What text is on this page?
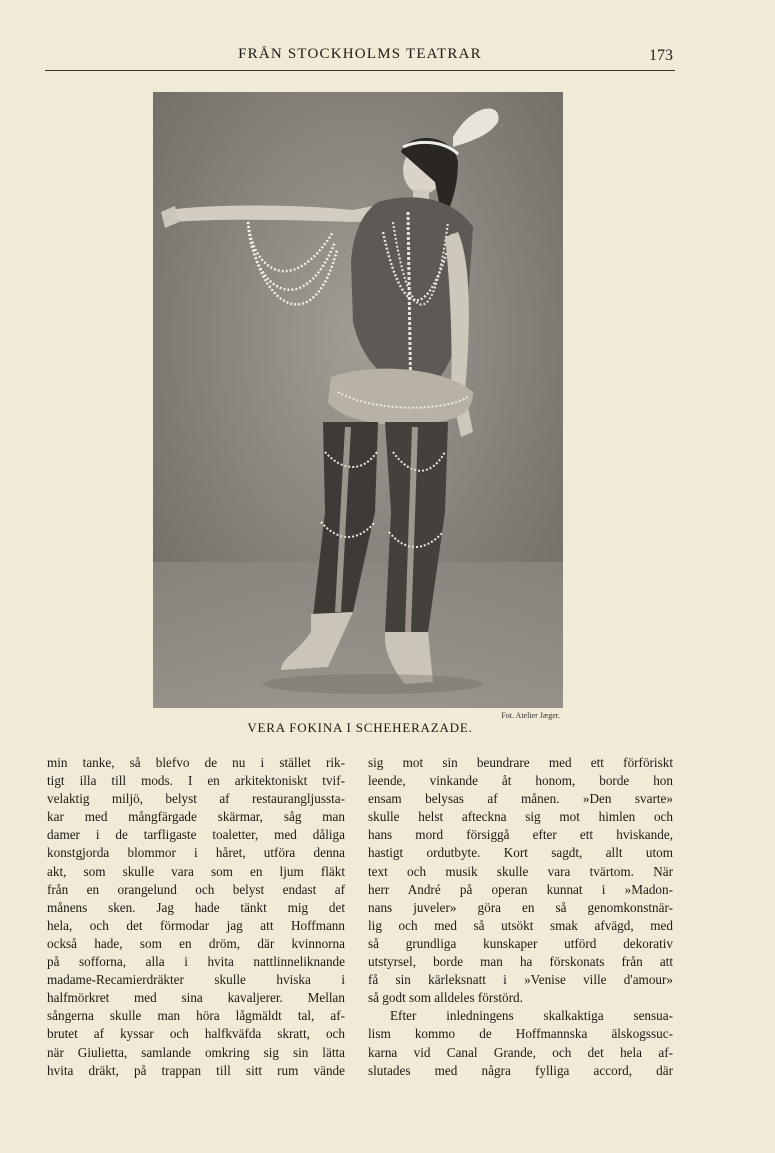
FRÅN STOCKHOLMS TEATRAR	173
Fot. Atelier Jæger.
VERA FOKINA I SCHEHERAZADE.
min tanke, så blefvo de nu i stället rik-
tigt illa till mods. I en arkitektoniskt tvif-
velaktig miljö, belyst af restaurangljussta-
kar med mångfärgade skärmar, såg man
damer i de tarfligaste toaletter, med dåliga
konstgjorda blommor i håret, utföra denna
akt, som skulle vara som en ljum fläkt
från en orangelund och belyst endast af
månens sken. Jag hade tänkt mig det
hela, och det förmodar jag att Hoffmann
också hade, som en dröm, där kvinnorna
på sofforna, alla i hvita nattlinneliknande
madame-Recamierdräkter skulle hviska i
halfmörkret med sina kavaljerer. Mellan
sångerna skulle man höra lågmäldt tal, af-
brutet af kyssar och halfkväfda skratt, och
när Giulietta, samlande omkring sig sin lätta
hvita dräkt, på trappan till sitt rum vände
sig mot sin beundrare med ett förföriskt
leende, vinkande åt honom, borde hon
ensam belysas af månen. »Den svarte»
skulle helst afteckna sig mot himlen och
hans mord försiggå efter ett hviskande,
hastigt ordutbyte. Kort sagdt, allt utom
text och musik skulle vara tvärtom. När
herr André på operan kunnat i »Madon-
nans juveler» göra en så genomkonstnär-
lig och med så utsökt smak afvägd, med
så grundliga kunskaper utförd dekorativ
utstyrsel, borde man ha förskonats från att
få sin kärleksnatt i »Venise ville d'amour»
så godt som alldeles förstörd.
Efter inledningens skalkaktiga sensua-
lism kommo de Hoffmannska älskogssuc-
karna vid Canal Grande, och det hela af-
slutades med några fylliga accord, där
